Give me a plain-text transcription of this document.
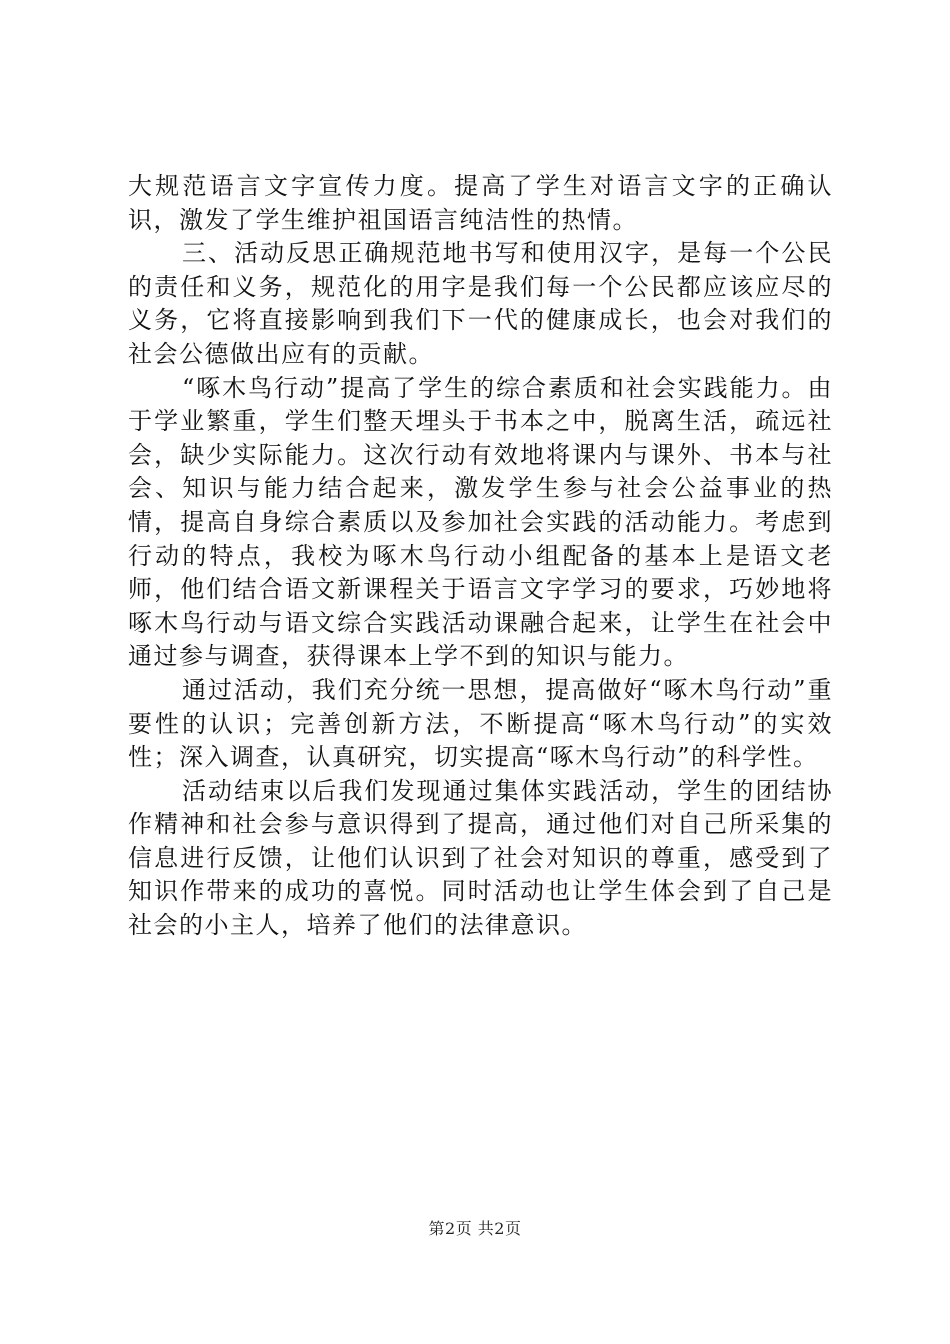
大规范语言文字宣传力度。提高了学生对语言文字的正确认识，激发了学生维护祖国语言纯洁性的热情。

三、活动反思正确规范地书写和使用汉字，是每一个公民的责任和义务，规范化的用字是我们每一个公民都应该应尽的义务，它将直接影响到我们下一代的健康成长，也会对我们的社会公德做出应有的贡献。

“啄木鸟行动”提高了学生的综合素质和社会实践能力。由于学业繁重，学生们整天埋头于书本之中，脱离生活，疏远社会，缺少实际能力。这次行动有效地将课内与课外、书本与社会、知识与能力结合起来，激发学生参与社会公益事业的热情，提高自身综合素质以及参加社会实践的活动能力。考虑到行动的特点，我校为啄木鸟行动小组配备的基本上是语文老师，他们结合语文新课程关于语言文字学习的要求，巧妙地将啄木鸟行动与语文综合实践活动课融合起来，让学生在社会中通过参与调查，获得课本上学不到的知识与能力。

通过活动，我们充分统一思想，提高做好“啄木鸟行动”重要性的认识；完善创新方法，不断提高“啄木鸟行动”的实效性；深入调查，认真研究，切实提高“啄木鸟行动”的科学性。

活动结束以后我们发现通过集体实践活动，学生的团结协作精神和社会参与意识得到了提高，通过他们对自己所采集的信息进行反馈，让他们认识到了社会对知识的尊重，感受到了知识作带来的成功的喜悦。同时活动也让学生体会到了自己是社会的小主人，培养了他们的法律意识。

第2页 共2页
